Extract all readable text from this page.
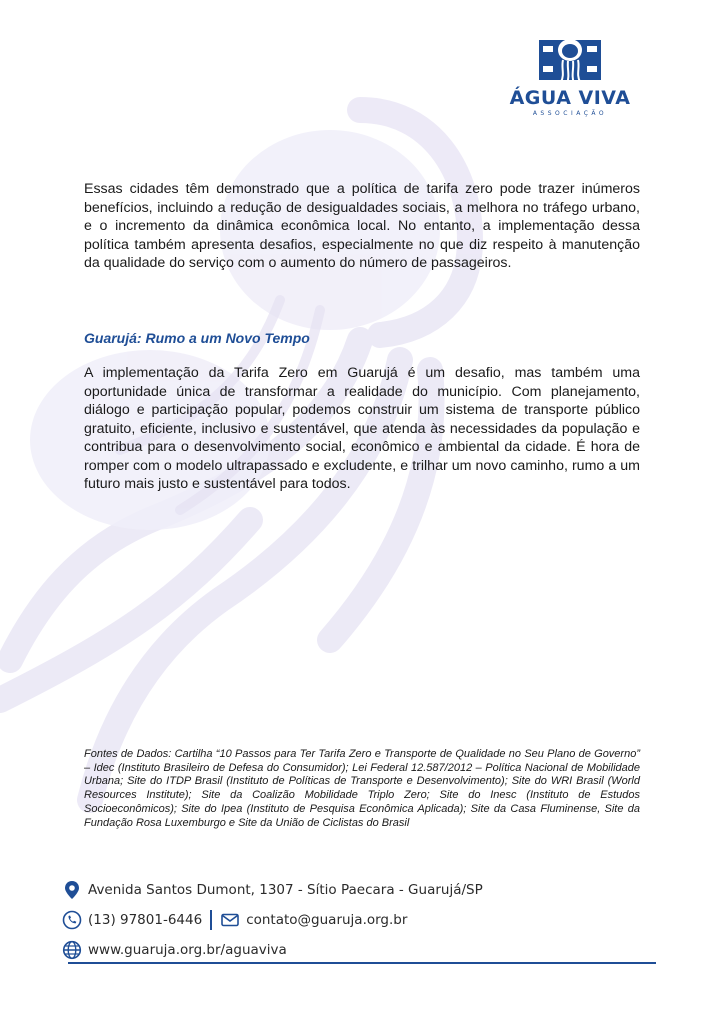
ÁGUA VIVA
ASSOCIAÇÃO

Essas cidades têm demonstrado que a política de tarifa zero pode trazer inúmeros benefícios, incluindo a redução de desigualdades sociais, a melhora no tráfego urbano, e o incremento da dinâmica econômica local. No entanto, a implementação dessa política também apresenta desafios, especialmente no que diz respeito à manutenção da qualidade do serviço com o aumento do número de passageiros.

Guarujá: Rumo a um Novo Tempo

A implementação da Tarifa Zero em Guarujá é um desafio, mas também uma oportunidade única de transformar a realidade do município. Com planejamento, diálogo e participação popular, podemos construir um sistema de transporte público gratuito, eficiente, inclusivo e sustentável, que atenda às necessidades da população e contribua para o desenvolvimento social, econômico e ambiental da cidade. É hora de romper com o modelo ultrapassado e excludente, e trilhar um novo caminho, rumo a um futuro mais justo e sustentável para todos.

Fontes de Dados: Cartilha “10 Passos para Ter Tarifa Zero e Transporte de Qualidade no Seu Plano de Governo” – Idec (Instituto Brasileiro de Defesa do Consumidor); Lei Federal 12.587/2012 – Política Nacional de Mobilidade Urbana; Site do ITDP Brasil (Instituto de Políticas de Transporte e Desenvolvimento); Site do WRI Brasil (World Resources Institute); Site da Coalizão Mobilidade Triplo Zero; Site do Inesc (Instituto de Estudos Socioeconômicos); Site do Ipea (Instituto de Pesquisa Econômica Aplicada); Site da Casa Fluminense, Site da Fundação Rosa Luxemburgo e Site da União de Ciclistas do Brasil

Avenida Santos Dumont, 1307 - Sítio Paecara - Guarujá/SP
(13) 97801-6446	contato@guaruja.org.br
www.guaruja.org.br/aguaviva
